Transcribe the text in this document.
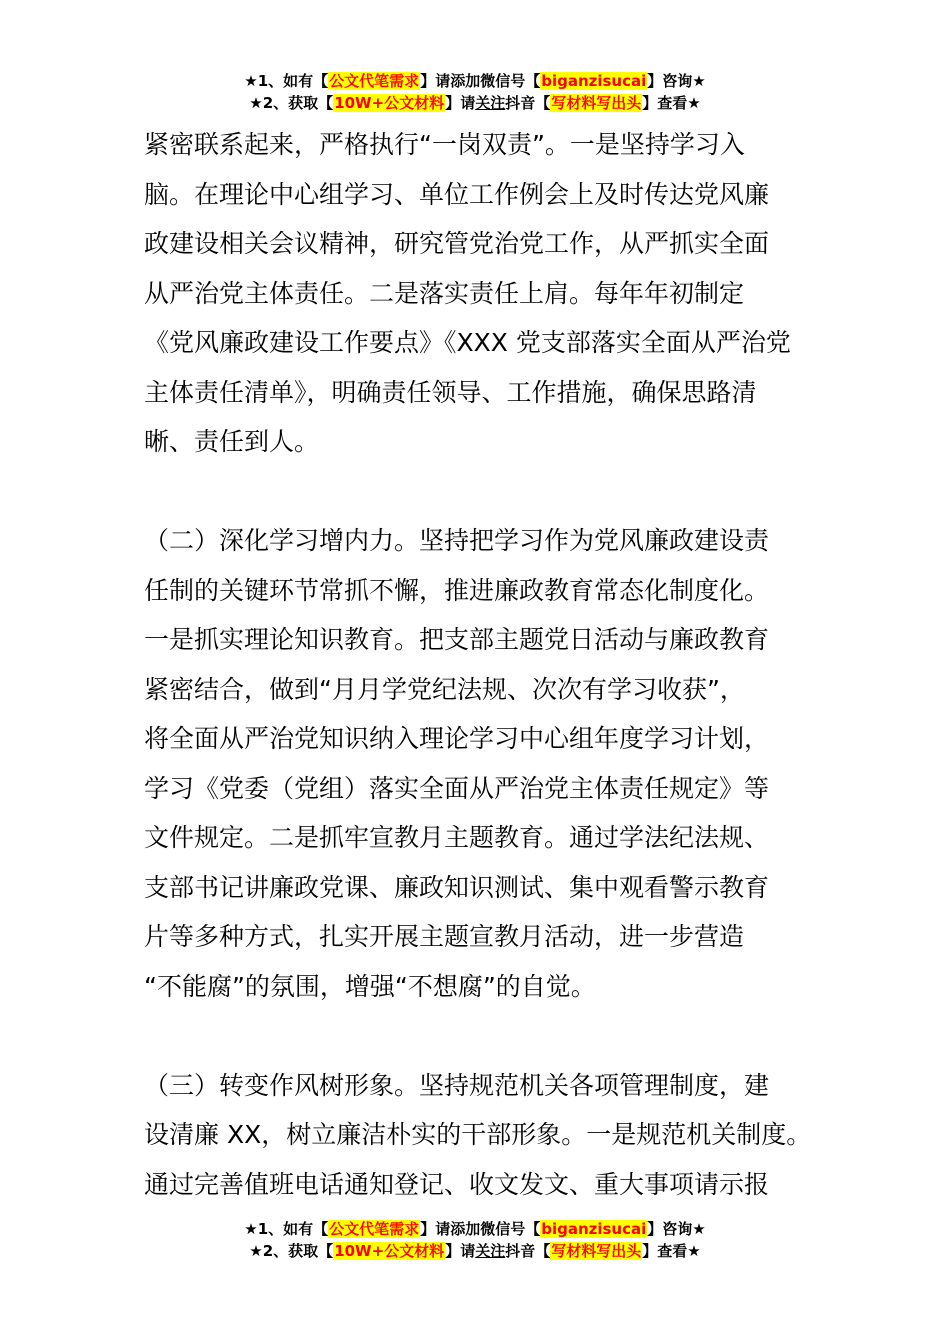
★1、如有【公文代笔需求】请添加微信号【biganzisucai】咨询★
★2、获取【10W+公文材料】请关注抖音【写材料写出头】查看★
紧密联系起来，严格执行“一岗双责”。一是坚持学习入
脑。在理论中心组学习、单位工作例会上及时传达党风廉
政建设相关会议精神，研究管党治党工作，从严抓实全面
从严治党主体责任。二是落实责任上肩。每年年初制定
《党风廉政建设工作要点》《XXX 党支部落实全面从严治党
主体责任清单》，明确责任领导、工作措施，确保思路清
晰、责任到人。
（二）深化学习增内力。坚持把学习作为党风廉政建设责
任制的关键环节常抓不懈，推进廉政教育常态化制度化。
一是抓实理论知识教育。把支部主题党日活动与廉政教育
紧密结合，做到“月月学党纪法规、次次有学习收获”，
将全面从严治党知识纳入理论学习中心组年度学习计划，
学习《党委（党组）落实全面从严治党主体责任规定》等
文件规定。二是抓牢宣教月主题教育。通过学法纪法规、
支部书记讲廉政党课、廉政知识测试、集中观看警示教育
片等多种方式，扎实开展主题宣教月活动，进一步营造
“不能腐”的氛围，增强“不想腐”的自觉。
（三）转变作风树形象。坚持规范机关各项管理制度，建
设清廉 XX，树立廉洁朴实的干部形象。一是规范机关制度。
通过完善值班电话通知登记、收文发文、重大事项请示报
★1、如有【公文代笔需求】请添加微信号【biganzisucai】咨询★
★2、获取【10W+公文材料】请关注抖音【写材料写出头】查看★
